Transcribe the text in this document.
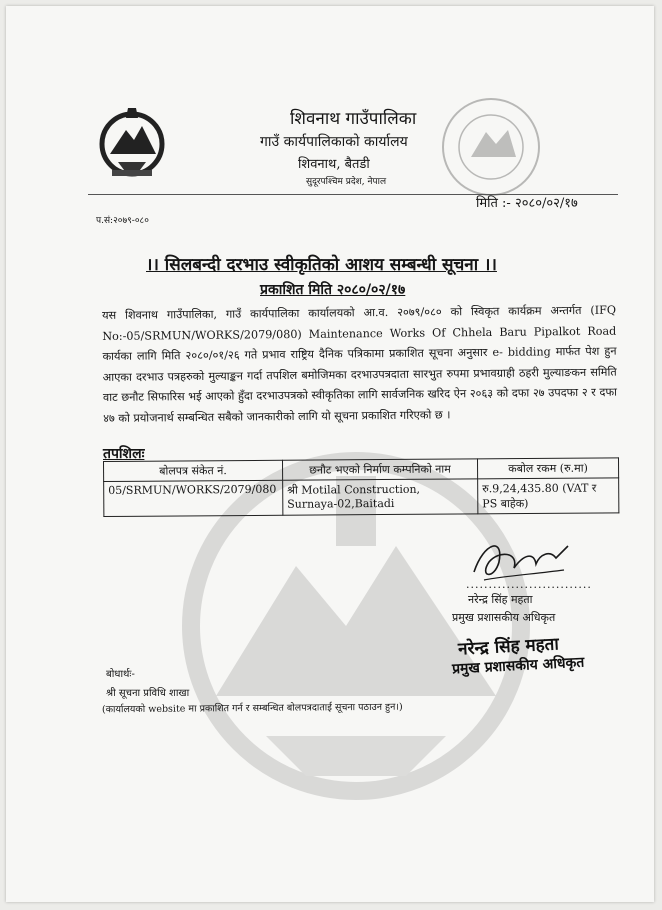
शिवनाथ गाउँपालिका
गाउँ कार्यपालिकाको कार्यालय
शिवनाथ, बैतडी
सुदूरपश्चिम प्रदेश, नेपाल
मिति :- २०८०/०२/१७
प.सं:२०७९-०८०
।। सिलबन्दी दरभाउ स्वीकृतिको आशय सम्बन्धी सूचना ।।
प्रकाशित मिति २०८०/०२/१७
यस शिवनाथ गाउँपालिका, गाउँ कार्यपालिका कार्यालयको आ.व. २०७९/०८० को स्विकृत कार्यक्रम अन्तर्गत (IFQ No:-05/SRMUN/WORKS/2079/080) Maintenance Works Of Chhela Baru Pipalkot Road कार्यका लागि मिति २०८०/०१/२६ गते प्रभाव राष्ट्रिय दैनिक पत्रिकामा प्रकाशित सूचना अनुसार e- bidding मार्फत पेश हुन आएका दरभाउ पत्रहरुको मुल्याङ्कन गर्दा तपशिल बमोजिमका दरभाउपत्रदाता सारभुत रुपमा प्रभावग्राही ठहरी मुल्याङकन समिति वाट छनौट सिफारिस भई आएको हुँदा दरभाउपत्रको स्वीकृतिका लागि सार्वजनिक खरिद ऐन २०६३ को दफा २७ उपदफा २ र दफा ४७ को प्रयोजनार्थ सम्बन्धित सबैको जानकारीको लागि यो सूचना प्रकाशित गरिएको छ ।
तपशिलः
बोलपत्र संकेत नं.	छनौट भएको निर्माण कम्पनिको नाम	कबोल रकम (रु.मा)
05/SRMUN/WORKS/2079/080	श्री Motilal Construction, Surnaya-02,Baitadi	रु.9,24,435.80 (VAT र PS बाहेक)
............................
नरेन्द्र सिंह महता
प्रमुख प्रशासकीय अधिकृत
नरेन्द्र सिंह महता
प्रमुख प्रशासकीय अधिकृत
बोधार्थः-
श्री सूचना प्रविधि शाखा
(कार्यालयको website मा प्रकाशित गर्न र सम्बन्धित बोलपत्रदाताई सूचना पठाउन हुन।)
